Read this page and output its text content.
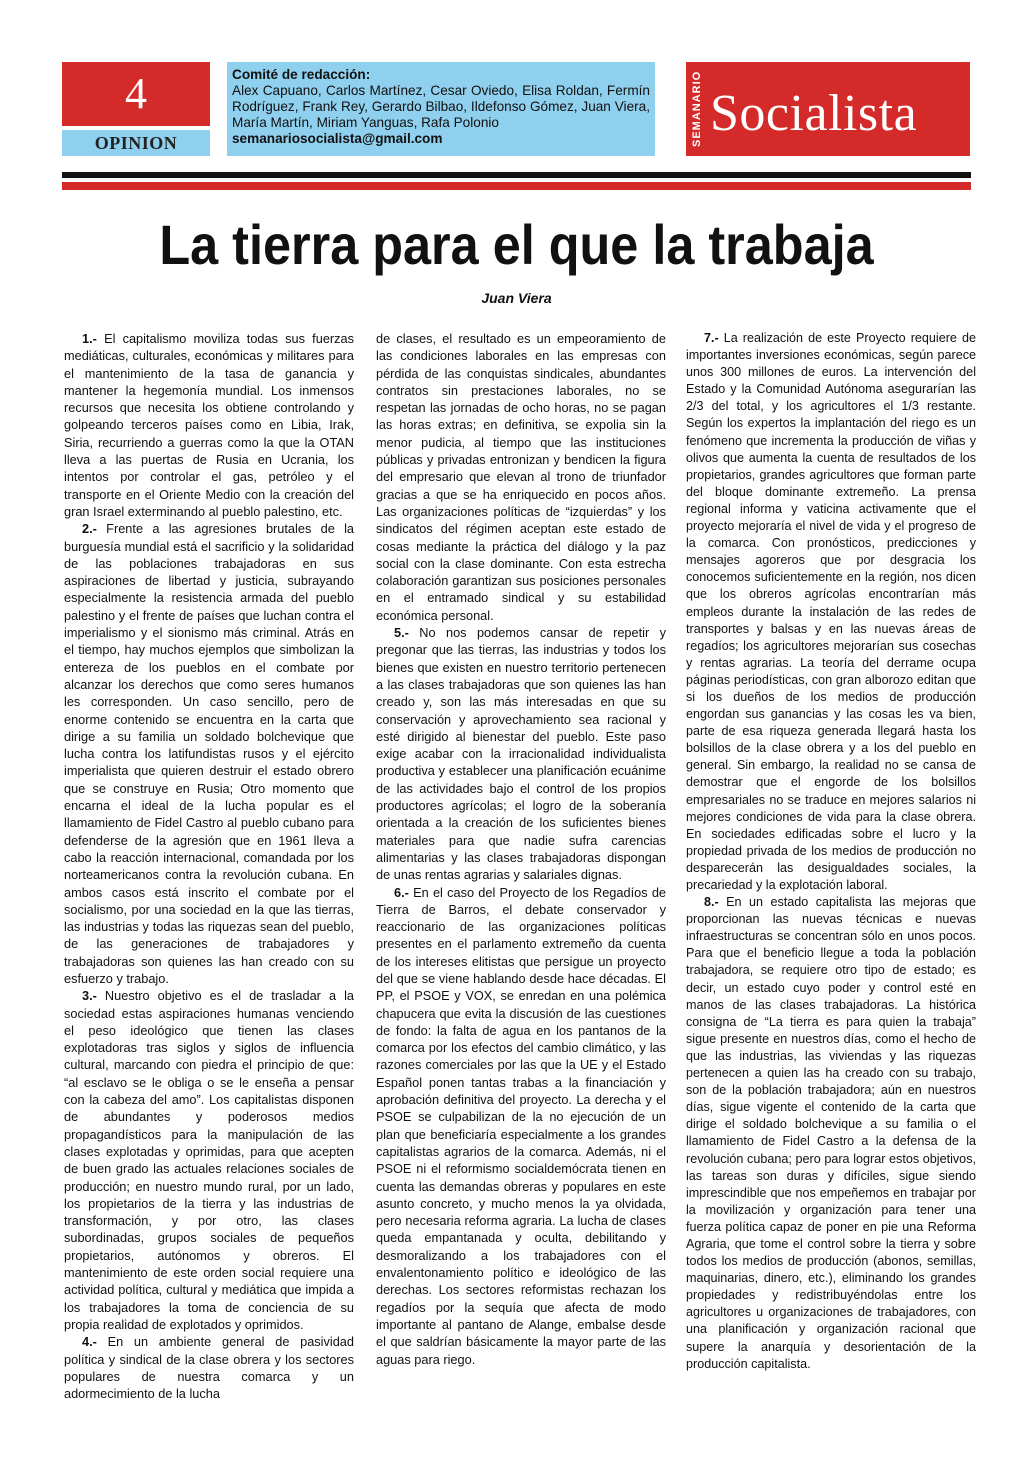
4
OPINION
Comité de redacción:
Alex Capuano, Carlos Martínez, Cesar Oviedo, Elisa Roldan, Fermín Rodríguez, Frank Rey, Gerardo Bilbao, Ildefonso Gómez, Juan Viera, María Martín, Miriam Yanguas, Rafa Polonio
semanariosocialista@gmail.com	SEMANARIO Socialista
La tierra para el que la trabaja
Juan Viera

1.- El capitalismo moviliza todas sus fuerzas mediáticas, culturales, económicas y militares para el mantenimiento de la tasa de ganancia y mantener la hegemonía mundial. Los inmensos recursos que necesita los obtiene controlando y golpeando terceros países como en Libia, Irak, Siria, recurriendo a guerras como la que la OTAN lleva a las puertas de Rusia en Ucrania, los intentos por controlar el gas, petróleo y el transporte en el Oriente Medio con la creación del gran Israel exterminando al pueblo palestino, etc.

2.- Frente a las agresiones brutales de la burguesía mundial está el sacrificio y la solidaridad de las poblaciones trabajadoras en sus aspiraciones de libertad y justicia, subrayando especialmente la resistencia armada del pueblo palestino y el frente de países que luchan contra el imperialismo y el sionismo más criminal. Atrás en el tiempo, hay muchos ejemplos que simbolizan la entereza de los pueblos en el combate por alcanzar los derechos que como seres humanos les corresponden. Un caso sencillo, pero de enorme contenido se encuentra en la carta que dirige a su familia un soldado bolchevique que lucha contra los latifundistas rusos y el ejército imperialista que quieren destruir el estado obrero que se construye en Rusia; Otro momento que encarna el ideal de la lucha popular es el llamamiento de Fidel Castro al pueblo cubano para defenderse de la agresión que en 1961 lleva a cabo la reacción internacional, comandada por los norteamericanos contra la revolución cubana. En ambos casos está inscrito el combate por el socialismo, por una sociedad en la que las tierras, las industrias y todas las riquezas sean del pueblo, de las generaciones de trabajadores y trabajadoras son quienes las han creado con su esfuerzo y trabajo.

3.- Nuestro objetivo es el de trasladar a la sociedad estas aspiraciones humanas venciendo el peso ideológico que tienen las clases explotadoras tras siglos y siglos de influencia cultural, marcando con piedra el principio de que: “al esclavo se le obliga o se le enseña a pensar con la cabeza del amo”. Los capitalistas disponen de abundantes y poderosos medios propagandísticos para la manipulación de las clases explotadas y oprimidas, para que acepten de buen grado las actuales relaciones sociales de producción; en nuestro mundo rural, por un lado, los propietarios de la tierra y las industrias de transformación, y por otro, las clases subordinadas, grupos sociales de pequeños propietarios, autónomos y obreros. El mantenimiento de este orden social requiere una actividad política, cultural y mediática que impida a los trabajadores la toma de conciencia de su propia realidad de explotados y oprimidos.

4.- En un ambiente general de pasividad política y sindical de la clase obrera y los sectores populares de nuestra comarca y un adormecimiento de la lucha

de clases, el resultado es un empeoramiento de las condiciones laborales en las empresas con pérdida de las conquistas sindicales, abundantes contratos sin prestaciones laborales, no se respetan las jornadas de ocho horas, no se pagan las horas extras; en definitiva, se expolia sin la menor pudicia, al tiempo que las instituciones públicas y privadas entronizan y bendicen la figura del empresario que elevan al trono de triunfador gracias a que se ha enriquecido en pocos años. Las organizaciones políticas de “izquierdas” y los sindicatos del régimen aceptan este estado de cosas mediante la práctica del diálogo y la paz social con la clase dominante. Con esta estrecha colaboración garantizan sus posiciones personales en el entramado sindical y su estabilidad económica personal.

5.- No nos podemos cansar de repetir y pregonar que las tierras, las industrias y todos los bienes que existen en nuestro territorio pertenecen a las clases trabajadoras que son quienes las han creado y, son las más interesadas en que su conservación y aprovechamiento sea racional y esté dirigido al bienestar del pueblo. Este paso exige acabar con la irracionalidad individualista productiva y establecer una planificación ecuánime de las actividades bajo el control de los propios productores agrícolas; el logro de la soberanía orientada a la creación de los suficientes bienes materiales para que nadie sufra carencias alimentarias y las clases trabajadoras dispongan de unas rentas agrarias y salariales dignas.

6.- En el caso del Proyecto de los Regadíos de Tierra de Barros, el debate conservador y reaccionario de las organizaciones políticas presentes en el parlamento extremeño da cuenta de los intereses elitistas que persigue un proyecto del que se viene hablando desde hace décadas. El PP, el PSOE y VOX, se enredan en una polémica chapucera que evita la discusión de las cuestiones de fondo: la falta de agua en los pantanos de la comarca por los efectos del cambio climático, y las razones comerciales por las que la UE y el Estado Español ponen tantas trabas a la financiación y aprobación definitiva del proyecto. La derecha y el PSOE se culpabilizan de la no ejecución de un plan que beneficiaría especialmente a los grandes capitalistas agrarios de la comarca. Además, ni el PSOE ni el reformismo socialdemócrata tienen en cuenta las demandas obreras y populares en este asunto concreto, y mucho menos la ya olvidada, pero necesaria reforma agraria. La lucha de clases queda empantanada y oculta, debilitando y desmoralizando a los trabajadores con el envalentonamiento político e ideológico de las derechas. Los sectores reformistas rechazan los regadíos por la sequía que afecta de modo importante al pantano de Alange, embalse desde el que saldrían básicamente la mayor parte de las aguas para riego.

7.- La realización de este Proyecto requiere de importantes inversiones económicas, según parece unos 300 millones de euros. La intervención del Estado y la Comunidad Autónoma asegurarían las 2/3 del total, y los agricultores el 1/3 restante. Según los expertos la implantación del riego es un fenómeno que incrementa la producción de viñas y olivos que aumenta la cuenta de resultados de los propietarios, grandes agricultores que forman parte del bloque dominante extremeño. La prensa regional informa y vaticina activamente que el proyecto mejoraría el nivel de vida y el progreso de la comarca. Con pronósticos, predicciones y mensajes agoreros que por desgracia los conocemos suficientemente en la región, nos dicen que los obreros agrícolas encontrarían más empleos durante la instalación de las redes de transportes y balsas y en las nuevas áreas de regadíos; los agricultores mejorarían sus cosechas y rentas agrarias. La teoría del derrame ocupa páginas periodísticas, con gran alborozo editan que si los dueños de los medios de producción engordan sus ganancias y las cosas les va bien, parte de esa riqueza generada llegará hasta los bolsillos de la clase obrera y a los del pueblo en general. Sin embargo, la realidad no se cansa de demostrar que el engorde de los bolsillos empresariales no se traduce en mejores salarios ni mejores condiciones de vida para la clase obrera. En sociedades edificadas sobre el lucro y la propiedad privada de los medios de producción no desparecerán las desigualdades sociales, la precariedad y la explotación laboral.

8.- En un estado capitalista las mejoras que proporcionan las nuevas técnicas e nuevas infraestructuras se concentran sólo en unos pocos. Para que el beneficio llegue a toda la población trabajadora, se requiere otro tipo de estado; es decir, un estado cuyo poder y control esté en manos de las clases trabajadoras. La histórica consigna de “La tierra es para quien la trabaja” sigue presente en nuestros días, como el hecho de que las industrias, las viviendas y las riquezas pertenecen a quien las ha creado con su trabajo, son de la población trabajadora; aún en nuestros días, sigue vigente el contenido de la carta que dirige el soldado bolchevique a su familia o el llamamiento de Fidel Castro a la defensa de la revolución cubana; pero para lograr estos objetivos, las tareas son duras y difíciles, sigue siendo imprescindible que nos empeñemos en trabajar por la movilización y organización para tener una fuerza política capaz de poner en pie una Reforma Agraria, que tome el control sobre la tierra y sobre todos los medios de producción (abonos, semillas, maquinarias, dinero, etc.), eliminando los grandes propiedades y redistribuyéndolas entre los agricultores u organizaciones de trabajadores, con una planificación y organización racional que supere la anarquía y desorientación de la producción capitalista.
